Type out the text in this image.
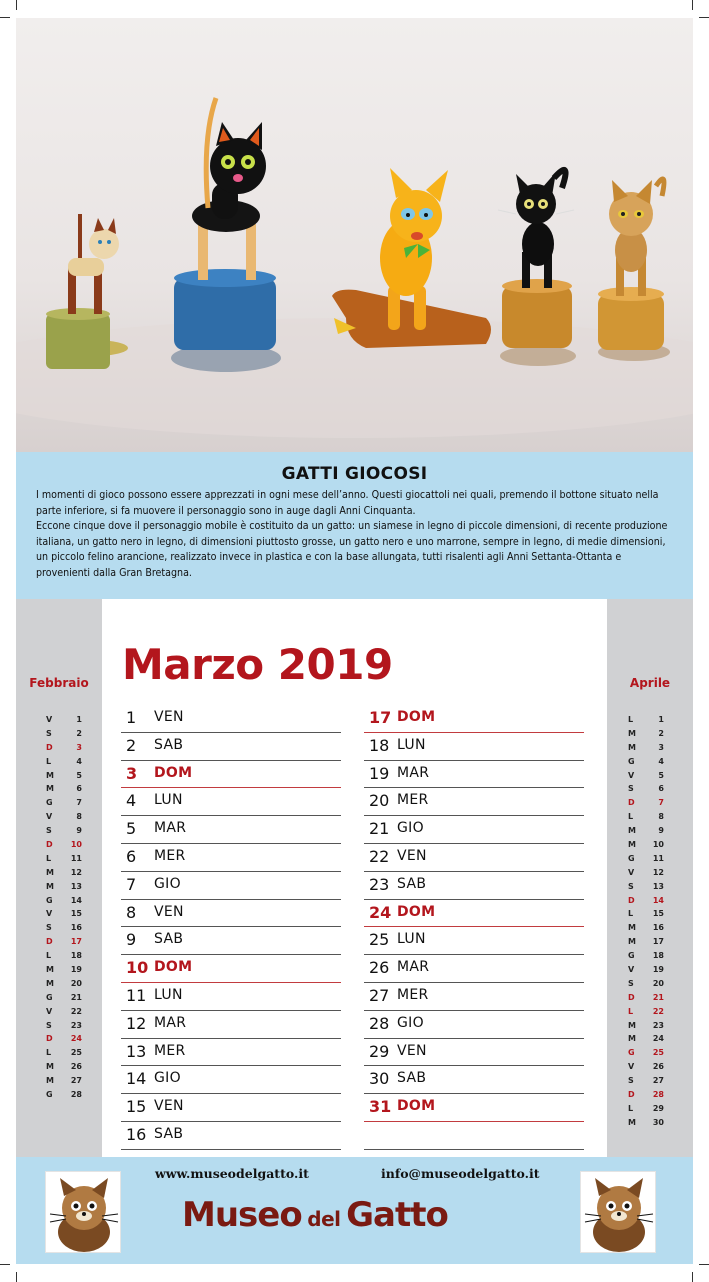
GATTI GIOCOSI

I momenti di gioco possono essere apprezzati in ogni mese dell’anno. Questi giocattoli nei quali, premendo il bottone situato nella parte inferiore, si fa muovere il personaggio sono in auge dagli Anni Cinquanta.

Eccone cinque dove il personaggio mobile è costituito da un gatto: un siamese in legno di piccole dimensioni, di recente produzione italiana, un gatto nero in legno, di dimensioni piuttosto grosse, un gatto nero e uno marrone, sempre in legno, di medie dimensioni, un piccolo felino arancione, realizzato invece in plastica e con la base allungata, tutti risalenti agli Anni Settanta-Ottanta e provenienti dalla Gran Bretagna.

Febbraio
V	1
S	2
D	3
L	4
M	5
M	6
G	7
V	8
S	9
D 10
L 11
M 12
M 13
G 14
V 15
S 16
D 17
L 18
M 19
M 20
G 21
V 22
S 23
D 24
L 25
M 26
M 27
G 28
Aprile
L	1
M	2
M	3
G	4
V	5
S	6
D	7
L	8
M	9
M 10
G 11
V 12
S 13
D 14
L 15
M 16
M 17
G 18
V 19
S 20
D 21
L 22
M 23
M 24
G 25
V 26
S 27
D 28
L 29
M 30
Marzo 2019
1 VEN
2 SAB
3 DOM
4 LUN
5 MAR
6 MER
7 GIO
8 VEN
9 SAB
10 DOM
11 LUN
12 MAR
13 MER
14 GIO
15 VEN
16 SAB
17 DOM
18 LUN
19 MAR
20 MER
21 GIO
22 VEN
23 SAB
24 DOM
25 LUN
26 MAR
27 MER
28 GIO
29 VEN
30 SAB
31 DOM
www.museodelgatto.it	info@museodelgatto.it
Museo del Gatto
